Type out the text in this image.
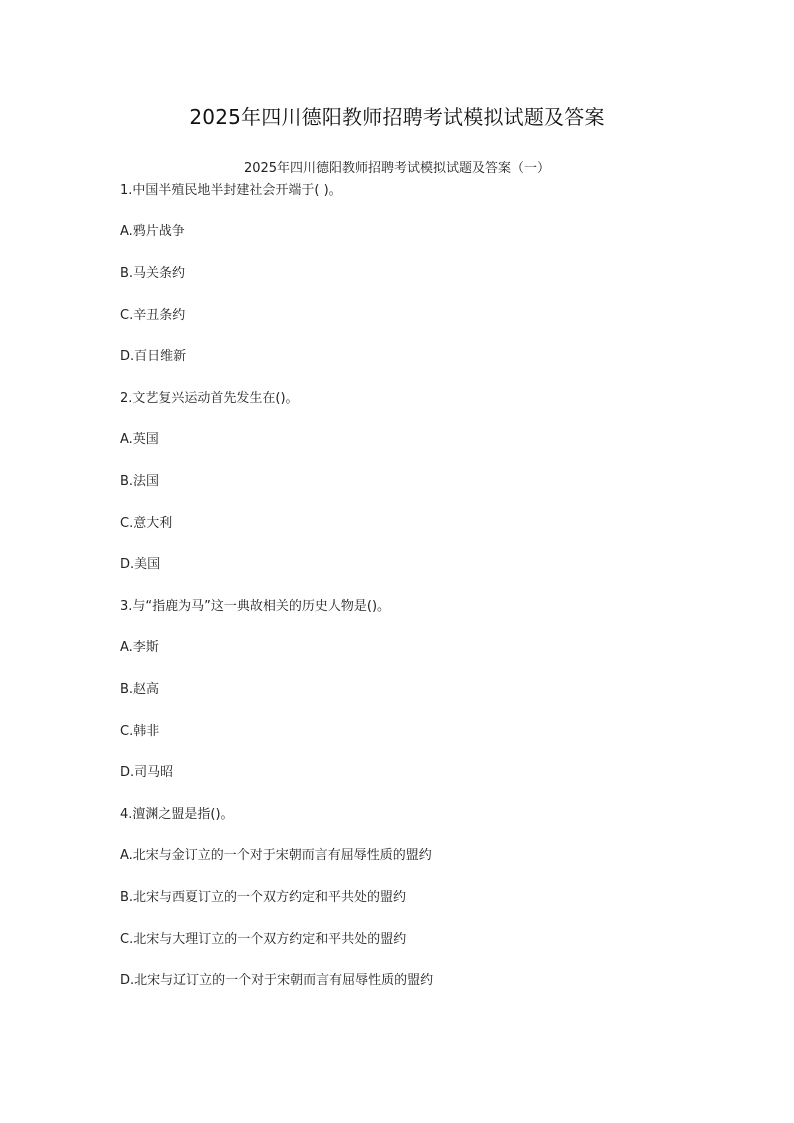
2025年四川德阳教师招聘考试模拟试题及答案
2025年四川德阳教师招聘考试模拟试题及答案（一）
1.中国半殖民地半封建社会开端于( )。
A.鸦片战争
B.马关条约
C.辛丑条约
D.百日维新
2.文艺复兴运动首先发生在()。
A.英国
B.法国
C.意大利
D.美国
3.与“指鹿为马”这一典故相关的历史人物是()。
A.李斯
B.赵高
C.韩非
D.司马昭
4.澶渊之盟是指()。
A.北宋与金订立的一个对于宋朝而言有屈辱性质的盟约
B.北宋与西夏订立的一个双方约定和平共处的盟约
C.北宋与大理订立的一个双方约定和平共处的盟约
D.北宋与辽订立的一个对于宋朝而言有屈辱性质的盟约
